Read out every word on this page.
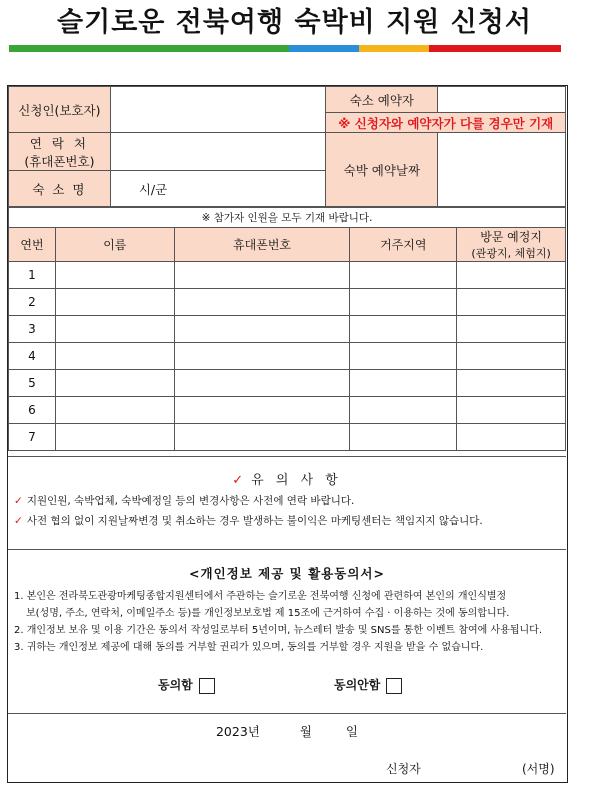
슬기로운 전북여행 숙박비 지원 신청서
신청인(보호자)		숙소 예약자	
		※ 신청자와 예약자가 다를 경우만 기재	

연 락 처
(휴대폰번호)		숙박 예약날짜	
숙 소 명	시/군		
※ 참가자 인원을 모두 기재 바랍니다.				
연번	이름	휴대폰번호	거주지역	방문 예정지
(관광지, 체험지)

1				
2				
3				
4				
5				
6				
7				
✓ 유 의 사 항
✓ 지원인원, 숙박업체, 숙박예정일 등의 변경사항은 사전에 연락 바랍니다.
✓ 사전 협의 없이 지원날짜변경 및 취소하는 경우 발생하는 불이익은 마케팅센터는 책임지지 않습니다.
<개인정보 제공 및 활용동의서>
1. 본인은 전라북도관광마케팅종합지원센터에서 주관하는 슬기로운 전북여행 신청에 관련하여 본인의 개인식별정
보(성명, 주소, 연락처, 이메일주소 등)를 개인정보보호법 제 15조에 근거하여 수집 · 이용하는 것에 동의합니다.
2. 개인정보 보유 및 이용 기간은 동의서 작성일로부터 5년이며, 뉴스레터 발송 및 SNS를 통한 이벤트 참여에 사용됩니다.
3. 귀하는 개인정보 제공에 대해 동의를 거부할 권리가 있으며, 동의를 거부할 경우 지원을 받을 수 없습니다.
동의함	동의안함
2023년	월	일
신청자	(서명)
